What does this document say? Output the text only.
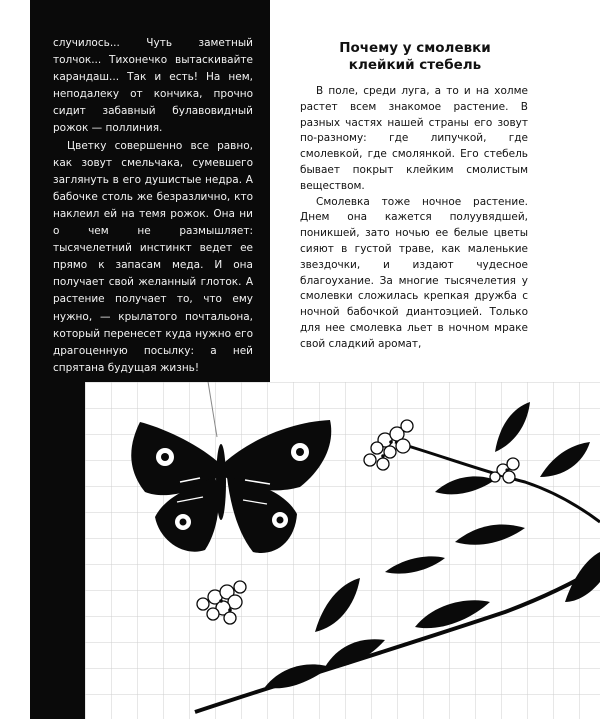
случилось... Чуть заметный толчок... Тихонечко вытаскивайте карандаш... Так и есть! На нем, неподалеку от кончика, прочно сидит забавный булавовидный рожок — поллиния.

Цветку совершенно все равно, как зовут смельчака, сумевшего заглянуть в его душистые недра. А бабочке столь же безразлично, кто наклеил ей на темя рожок. Она ни о чем не размышляет: тысячелетний инстинкт ведет ее прямо к запасам меда. И она получает свой желанный глоток. А растение получает то, что ему нужно, — крылатого почтальона, который перенесет куда нужно его драгоценную посылку: а ней спрятана будущая жизнь!

Почему у смолевки клейкий стебель

В поле, среди луга, а то и на холме растет всем знакомое растение. В разных частях нашей страны его зовут по-разному: где липучкой, где смолевкой, где смолянкой. Его стебель бывает покрыт клейким смолистым веществом.

Смолевка тоже ночное растение. Днем она кажется полуувядшей, поникшей, зато ночью ее белые цветы сияют в густой траве, как маленькие звездочки, и издают чудесное благоухание. За многие тысячелетия у смолевки сложилась крепкая дружба с ночной бабочкой диантоэцией. Только для нее смолевка льет в ночном мраке свой сладкий аромат,
